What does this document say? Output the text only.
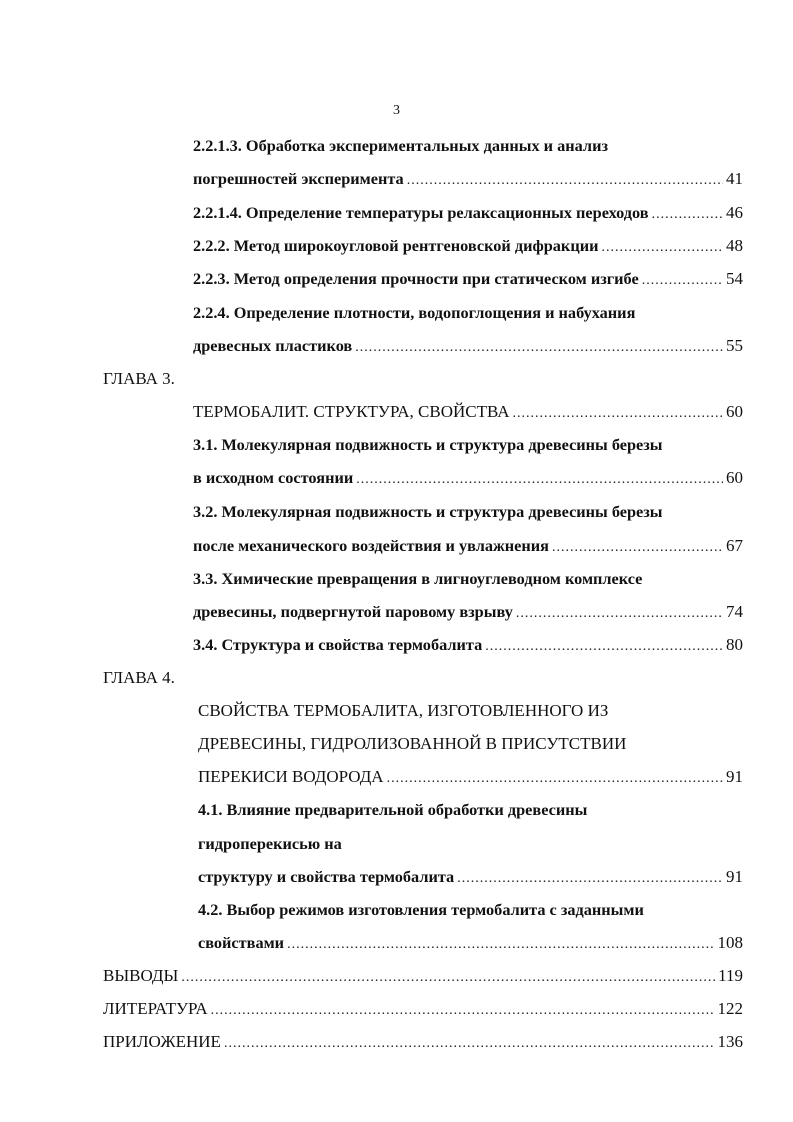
3
2.2.1.3. Обработка экспериментальных данных и анализ
погрешностей эксперимента .....	41
2.2.1.4. Определение температуры релаксационных переходов .....	46
2.2.2. Метод широкоугловой рентгеновской дифракции .....	48
2.2.3. Метод определения прочности при статическом изгибе .....	54
2.2.4. Определение плотности, водопоглощения и набухания
древесных пластиков .....	55
ГЛАВА 3.
ТЕРМОБАЛИТ. СТРУКТУРА, СВОЙСТВА .....	60
3.1. Молекулярная подвижность и структура древесины березы
в исходном состоянии .....	60
3.2. Молекулярная подвижность и структура древесины березы
после механического воздействия и увлажнения .....	67
3.3. Химические превращения в лигноуглеводном комплексе
древесины, подвергнутой паровому взрыву .....	74
3.4. Структура и свойства термобалита .....	80
ГЛАВА 4.
СВОЙСТВА ТЕРМОБАЛИТА, ИЗГОТОВЛЕННОГО ИЗ
ДРЕВЕСИНЫ, ГИДРОЛИЗОВАННОЙ В ПРИСУТСТВИИ
ПЕРЕКИСИ ВОДОРОДА .....	91
4.1. Влияние предварительной обработки древесины
гидроперекисью на
структуру и свойства термобалита .....	91
4.2. Выбор режимов изготовления термобалита с заданными
свойствами .....	108
ВЫВОДЫ .....	119
ЛИТЕРАТУРА .....	122
ПРИЛОЖЕНИЕ .....	136
